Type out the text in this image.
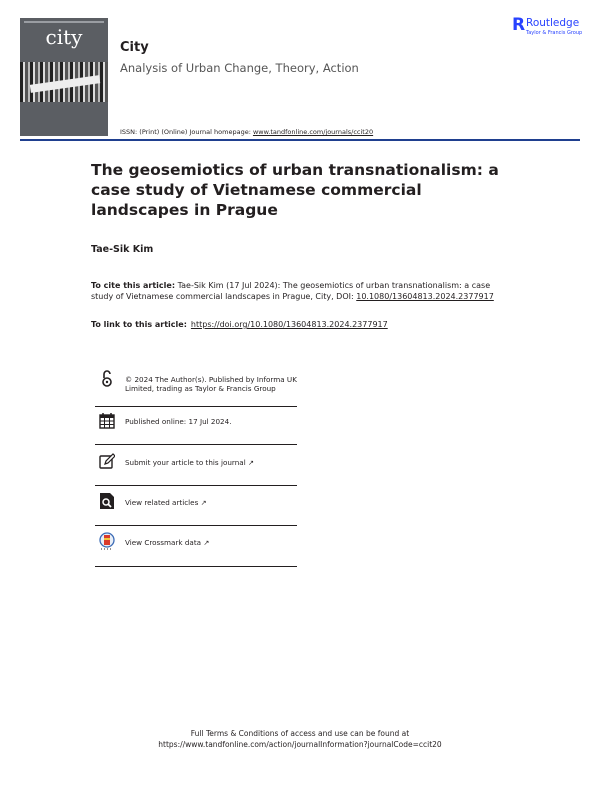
city	City
Analysis of Urban Change, Theory, Action
R Routledge
Taylor & Francis Group
ISSN: (Print) (Online) Journal homepage: www.tandfonline.com/journals/ccit20
The geosemiotics of urban transnationalism: a case study of Vietnamese commercial landscapes in Prague
Tae-Sik Kim
To cite this article: Tae-Sik Kim (17 Jul 2024): The geosemiotics of urban transnationalism: a case study of Vietnamese commercial landscapes in Prague, City, DOI: 10.1080/13604813.2024.2377917
To link to this article: https://doi.org/10.1080/13604813.2024.2377917
© 2024 The Author(s). Published by Informa UK Limited, trading as Taylor & Francis Group
Published online: 17 Jul 2024.
Submit your article to this journal ↗
View related articles ↗
View Crossmark data ↗
Full Terms & Conditions of access and use can be found at
https://www.tandfonline.com/action/journalInformation?journalCode=ccit20
